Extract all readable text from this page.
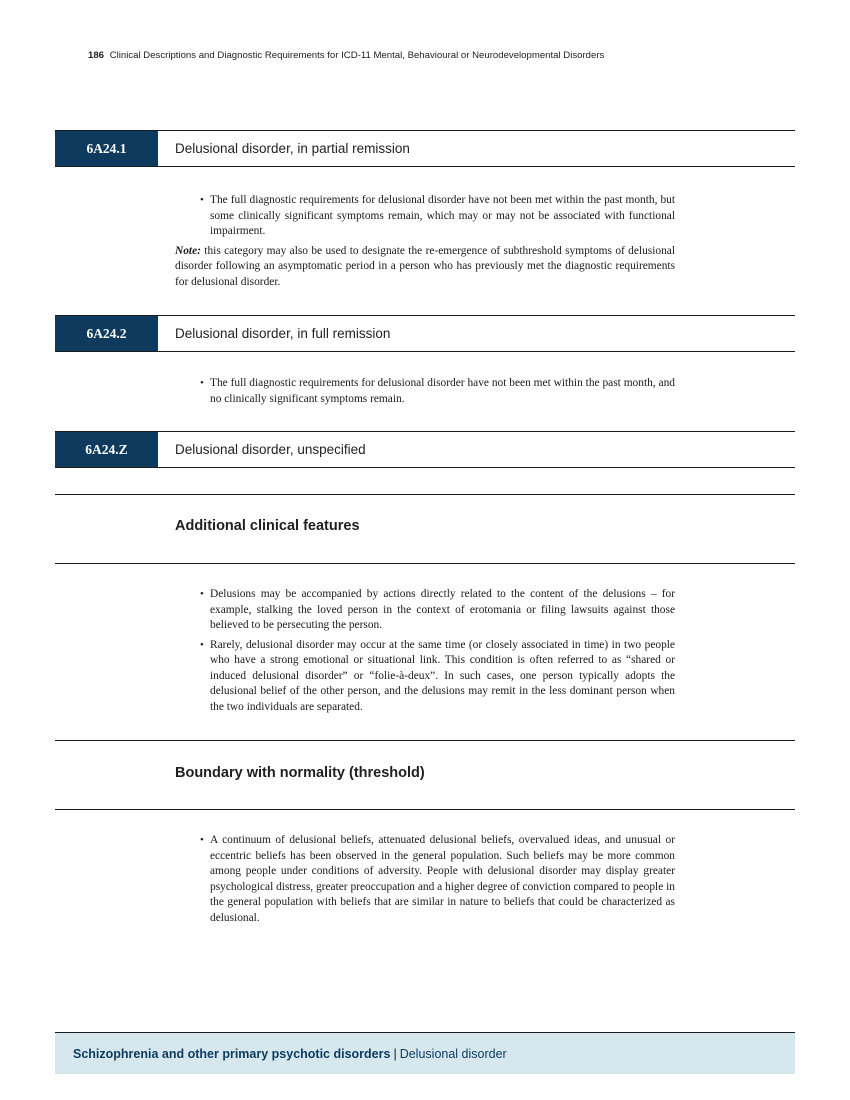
186 Clinical Descriptions and Diagnostic Requirements for ICD-11 Mental, Behavioural or Neurodevelopmental Disorders
6A24.1	Delusional disorder, in partial remission
• The full diagnostic requirements for delusional disorder have not been met within the past month, but some clinically significant symptoms remain, which may or may not be associated with functional impairment.

Note: this category may also be used to designate the re-emergence of subthreshold symptoms of delusional disorder following an asymptomatic period in a person who has previously met the diagnostic requirements for delusional disorder.

6A24.2	Delusional disorder, in full remission
• The full diagnostic requirements for delusional disorder have not been met within the past month, and no clinically significant symptoms remain.
6A24.Z	Delusional disorder, unspecified
Additional clinical features
• Delusions may be accompanied by actions directly related to the content of the delusions – for example, stalking the loved person in the context of erotomania or filing lawsuits against those believed to be persecuting the person.
• Rarely, delusional disorder may occur at the same time (or closely associated in time) in two people who have a strong emotional or situational link. This condition is often referred to as “shared or induced delusional disorder” or “folie-à-deux”. In such cases, one person typically adopts the delusional belief of the other person, and the delusions may remit in the less dominant person when the two individuals are separated.
Boundary with normality (threshold)
• A continuum of delusional beliefs, attenuated delusional beliefs, overvalued ideas, and unusual or eccentric beliefs has been observed in the general population. Such beliefs may be more common among people under conditions of adversity. People with delusional disorder may display greater psychological distress, greater preoccupation and a higher degree of conviction compared to people in the general population with beliefs that are similar in nature to beliefs that could be characterized as delusional.
Schizophrenia and other primary psychotic disorders | Delusional disorder
